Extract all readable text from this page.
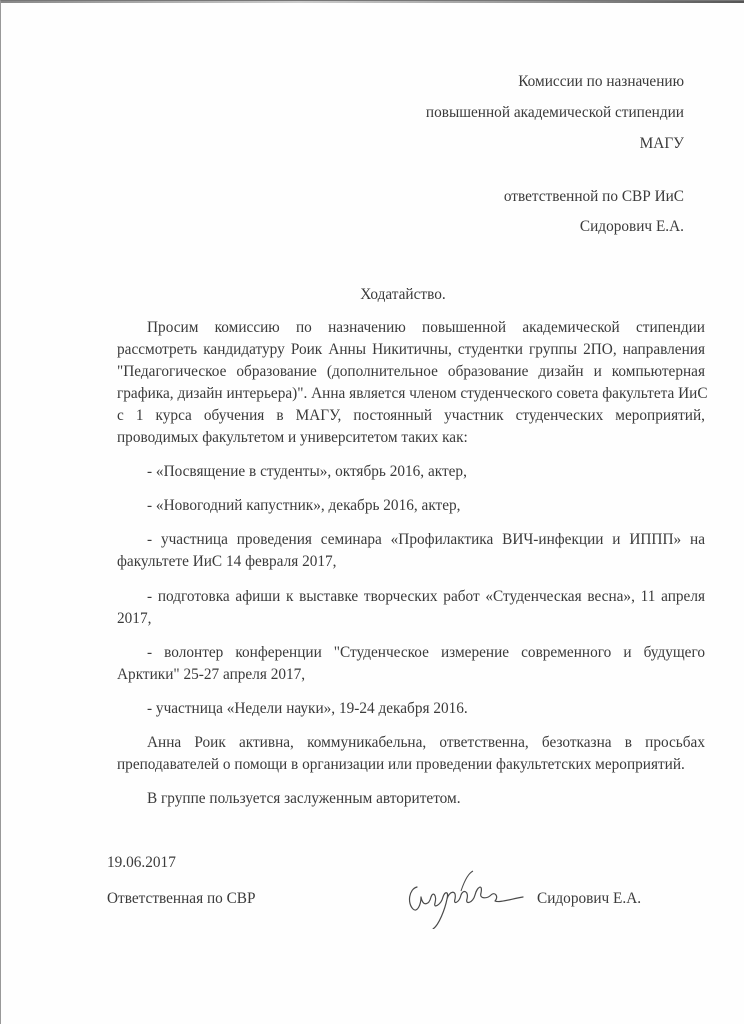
Комиссии по назначению
повышенной академической стипендии
МАГУ
ответственной по СВР ИиС
Сидорович Е.А.
Ходатайство.
Просим комиссию по назначению повышенной академической стипендии
рассмотреть кандидатуру Роик Анны Никитичны, студентки группы 2ПО, направления
"Педагогическое образование (дополнительное образование дизайн и компьютерная
графика, дизайн интерьера)". Анна является членом студенческого совета факультета ИиС
с 1 курса обучения в МАГУ, постоянный участник студенческих мероприятий,
проводимых факультетом и университетом таких как:
- «Посвящение в студенты», октябрь 2016, актер,
- «Новогодний капустник», декабрь 2016, актер,
- участница проведения семинара «Профилактика ВИЧ-инфекции и ИППП» на
факультете ИиС 14 февраля 2017,
- подготовка афиши к выставке творческих работ «Студенческая весна», 11 апреля
2017,
- волонтер конференции "Студенческое измерение современного и будущего
Арктики" 25-27 апреля 2017,
- участница «Недели науки», 19-24 декабря 2016.
Анна Роик активна, коммуникабельна, ответственна, безотказна в просьбах
преподавателей о помощи в организации или проведении факультетских мероприятий.
В группе пользуется заслуженным авторитетом.
19.06.2017
Ответственная по СВР	Сидорович Е.А.
